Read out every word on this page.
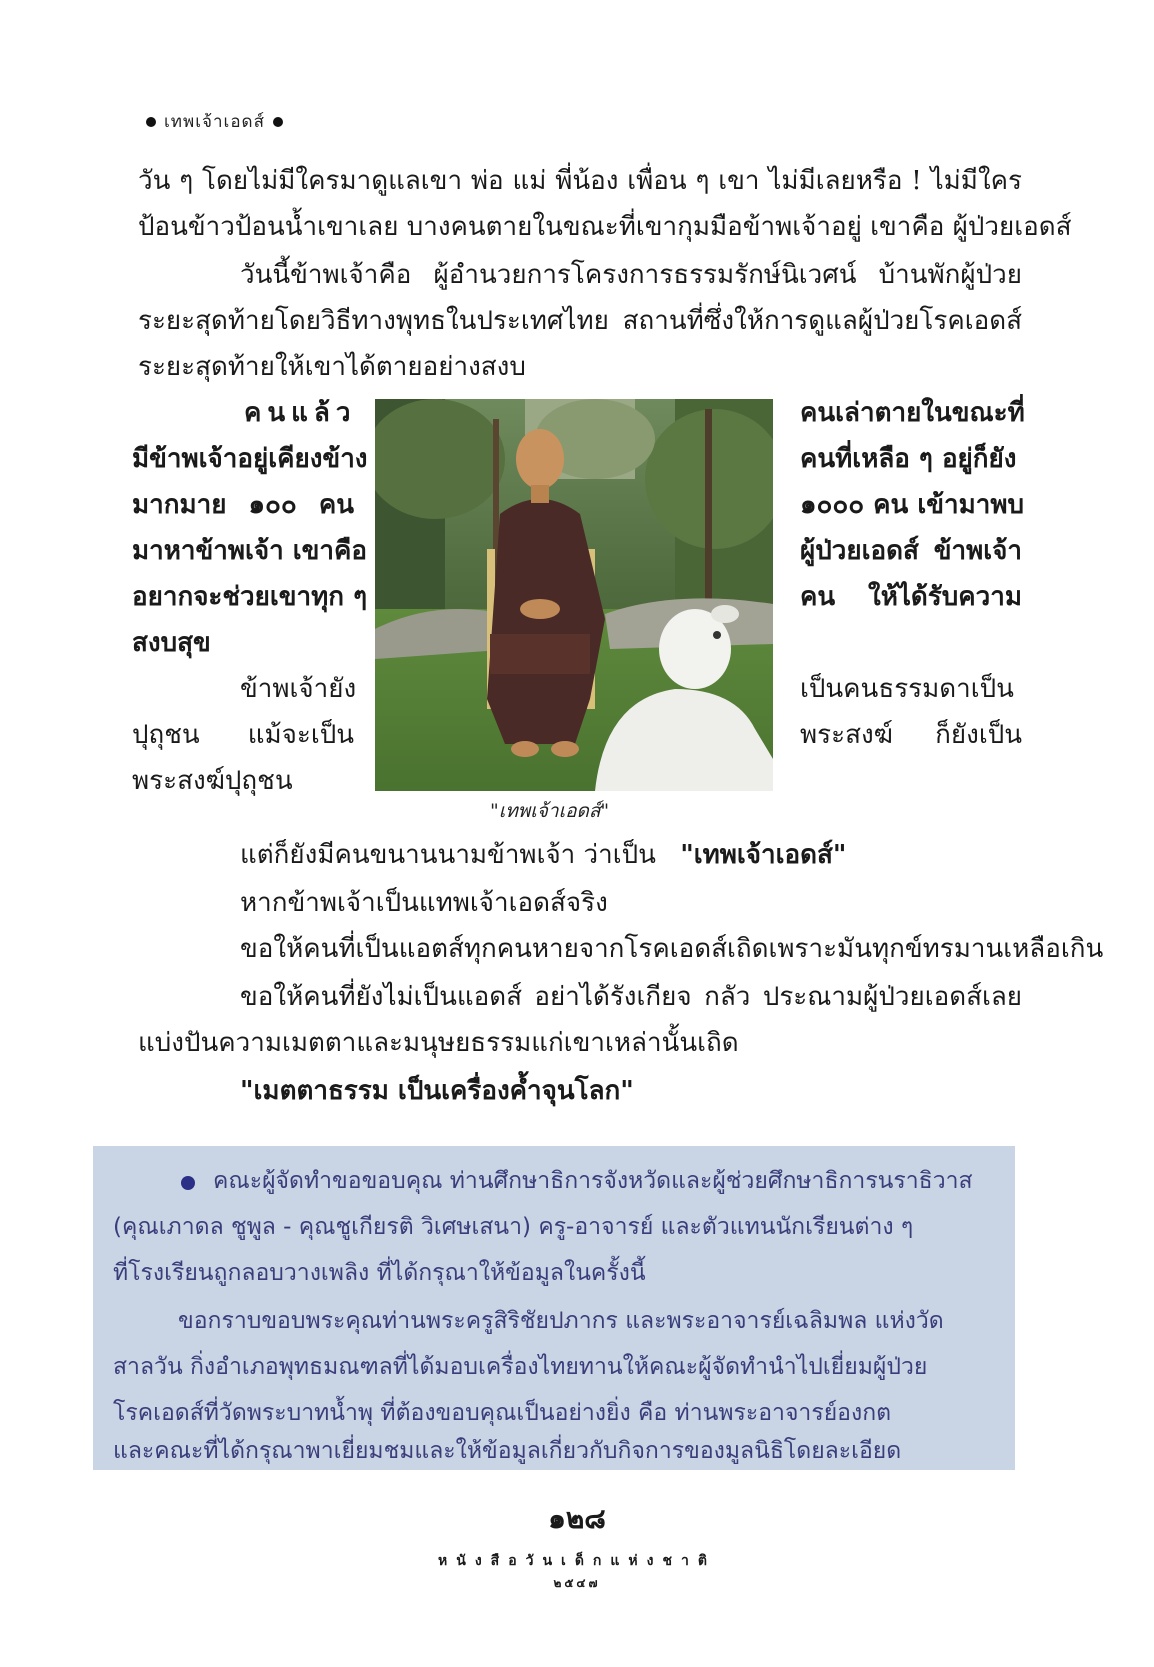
เทพเจ้าเอดส์
วัน ๆ โดยไม่มีใครมาดูแลเขา พ่อ แม่ พี่น้อง เพื่อน ๆ เขา ไม่มีเลยหรือ ! ไม่มีใคร
ป้อนข้าวป้อนน้ำเขาเลย บางคนตายในขณะที่เขากุมมือข้าพเจ้าอยู่ เขาคือ ผู้ป่วยเอดส์
วันนี้ข้าพเจ้าคือ ผู้อำนวยการโครงการธรรมรักษ์นิเวศน์ บ้านพักผู้ป่วย
ระยะสุดท้ายโดยวิธีทางพุทธในประเทศไทย สถานที่ซึ่งให้การดูแลผู้ป่วยโรคเอดส์
ระยะสุดท้ายให้เขาได้ตายอย่างสงบ
คนแล้ว
มีข้าพเจ้าอยู่เคียงข้าง
มากมาย ๑๐๐ คน
มาหาข้าพเจ้า เขาคือ
อยากจะช่วยเขาทุก ๆ
สงบสุข
ข้าพเจ้ายัง
ปุถุชน แม้จะเป็น
พระสงฆ์ปุถุชน
คนเล่าตายในขณะที่
คนที่เหลือ ๆ อยู่ก็ยัง
๑๐๐๐ คน เข้ามาพบ
ผู้ป่วยเอดส์ ข้าพเจ้า
คน ให้ได้รับความ
เป็นคนธรรมดาเป็น
พระสงฆ์ ก็ยังเป็น
"เทพเจ้าเอดส์"
แต่ก็ยังมีคนขนานนามข้าพเจ้า ว่าเป็น "เทพเจ้าเอดส์"
หากข้าพเจ้าเป็นแทพเจ้าเอดส์จริง
ขอให้คนที่เป็นแอตส์ทุกคนหายจากโรคเอดส์เถิดเพราะมันทุกข์ทรมานเหลือเกิน
ขอให้คนที่ยังไม่เป็นแอดส์ อย่าได้รังเกียจ กลัว ประณามผู้ป่วยเอดส์เลย
แบ่งปันความเมตตาและมนุษยธรรมแก่เขาเหล่านั้นเถิด
"เมตตาธรรม เป็นเครื่องค้ำจุนโลก"
คณะผู้จัดทำขอขอบคุณ ท่านศึกษาธิการจังหวัดและผู้ช่วยศึกษาธิการนราธิวาส
(คุณเภาดล ชูพูล - คุณชูเกียรติ วิเศษเสนา) ครู-อาจารย์ และตัวแทนนักเรียนต่าง ๆ
ที่โรงเรียนถูกลอบวางเพลิง ที่ได้กรุณาให้ข้อมูลในครั้งนี้
ขอกราบขอบพระคุณท่านพระครูสิริชัยปภากร และพระอาจารย์เฉลิมพล แห่งวัด
สาลวัน กิ่งอำเภอพุทธมณฑลที่ได้มอบเครื่องไทยทานให้คณะผู้จัดทำนำไปเยี่ยมผู้ป่วย
โรคเอดส์ที่วัดพระบาทน้ำพุ ที่ต้องขอบคุณเป็นอย่างยิ่ง คือ ท่านพระอาจารย์องกต
และคณะที่ได้กรุณาพาเยี่ยมชมและให้ข้อมูลเกี่ยวกับกิจการของมูลนิธิโดยละเอียด
๑๒๘
หนังสือวันเด็กแห่งชาติ
๒๕๔๗
